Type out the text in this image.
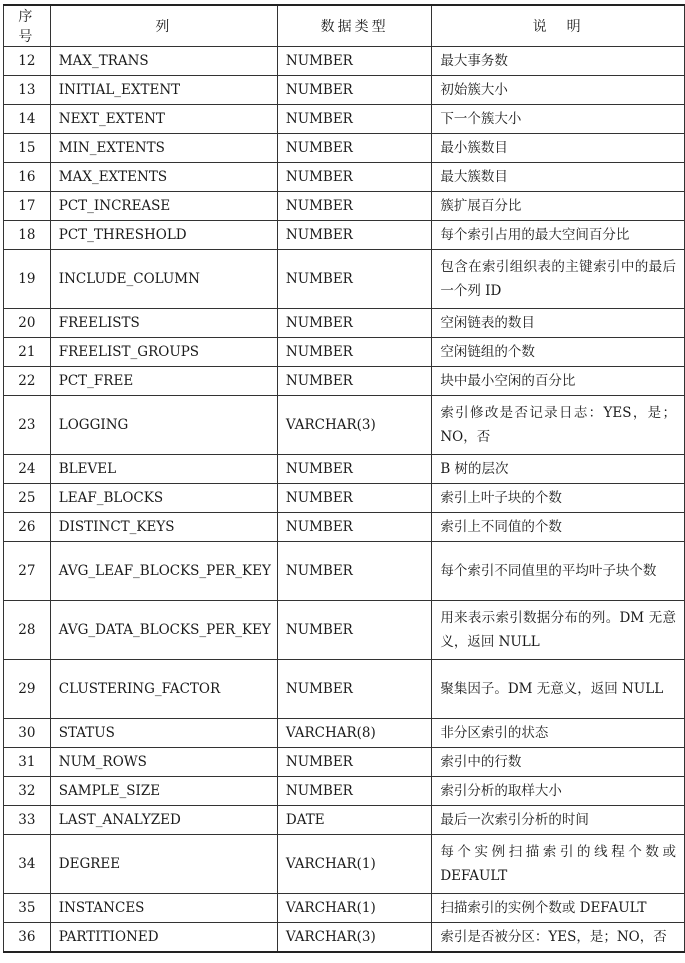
序号	列	数据类型	说　明
12	MAX_TRANS	NUMBER	最大事务数
13	INITIAL_EXTENT	NUMBER	初始簇大小
14	NEXT_EXTENT	NUMBER	下一个簇大小
15	MIN_EXTENTS	NUMBER	最小簇数目
16	MAX_EXTENTS	NUMBER	最大簇数目
17	PCT_INCREASE	NUMBER	簇扩展百分比
18	PCT_THRESHOLD	NUMBER	每个索引占用的最大空间百分比
19	INCLUDE_COLUMN	NUMBER	包含在索引组织表的主键索引中的最后一个列 ID
20	FREELISTS	NUMBER	空闲链表的数目
21	FREELIST_GROUPS	NUMBER	空闲链组的个数
22	PCT_FREE	NUMBER	块中最小空闲的百分比
23	LOGGING	VARCHAR(3)	索引修改是否记录日志：YES，是；NO，否
24	BLEVEL	NUMBER	B 树的层次
25	LEAF_BLOCKS	NUMBER	索引上叶子块的个数
26	DISTINCT_KEYS	NUMBER	索引上不同值的个数
27	AVG_LEAF_BLOCKS_PER_KEY	NUMBER	每个索引不同值里的平均叶子块个数
28	AVG_DATA_BLOCKS_PER_KEY	NUMBER	用来表示索引数据分布的列。DM 无意义，返回 NULL
29	CLUSTERING_FACTOR	NUMBER	聚集因子。DM 无意义，返回 NULL
30	STATUS	VARCHAR(8)	非分区索引的状态
31	NUM_ROWS	NUMBER	索引中的行数
32	SAMPLE_SIZE	NUMBER	索引分析的取样大小
33	LAST_ANALYZED	DATE	最后一次索引分析的时间
34	DEGREE	VARCHAR(1)	每个实例扫描索引的线程个数或 DEFAULT
35	INSTANCES	VARCHAR(1)	扫描索引的实例个数或 DEFAULT
36	PARTITIONED	VARCHAR(3)	索引是否被分区：YES，是；NO，否
